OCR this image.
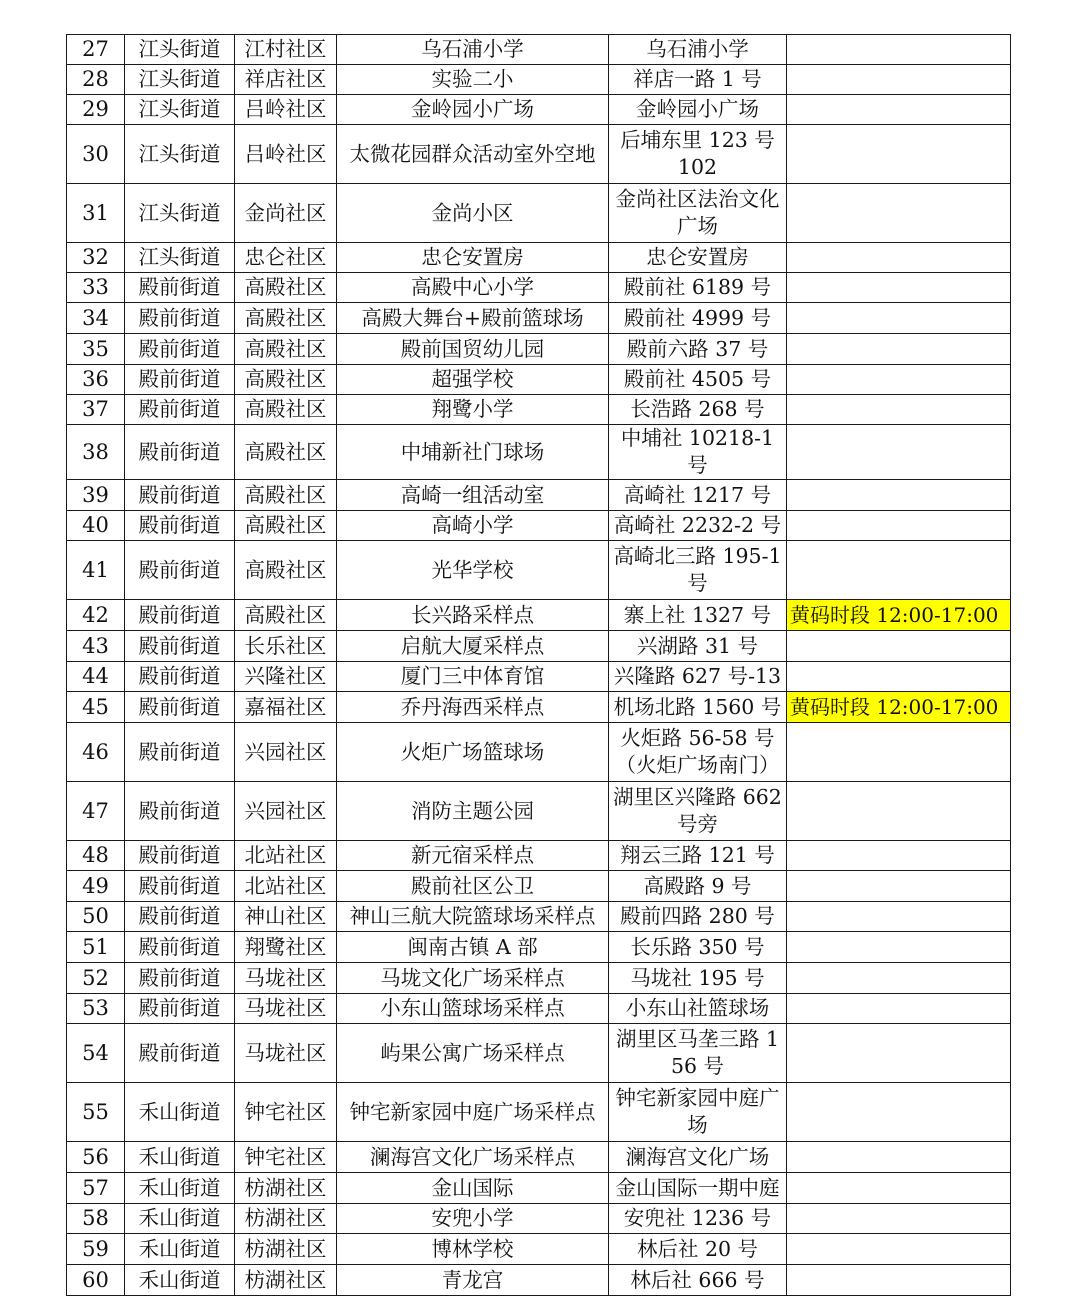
27	江头街道	江村社区	乌石浦小学	乌石浦小学	
28	江头街道	祥店社区	实验二小	祥店一路 1 号	
29	江头街道	吕岭社区	金岭园小广场	金岭园小广场	
30	江头街道	吕岭社区	太微花园群众活动室外空地	后埔东里 123 号 102	
31	江头街道	金尚社区	金尚小区	金尚社区法治文化广场	
32	江头街道	忠仑社区	忠仑安置房	忠仑安置房	
33	殿前街道	高殿社区	高殿中心小学	殿前社 6189 号	
34	殿前街道	高殿社区	高殿大舞台+殿前篮球场	殿前社 4999 号	
35	殿前街道	高殿社区	殿前国贸幼儿园	殿前六路 37 号	
36	殿前街道	高殿社区	超强学校	殿前社 4505 号	
37	殿前街道	高殿社区	翔鹭小学	长浩路 268 号	
38	殿前街道	高殿社区	中埔新社门球场	中埔社 10218-1 号	
39	殿前街道	高殿社区	高崎一组活动室	高崎社 1217 号	
40	殿前街道	高殿社区	高崎小学	高崎社 2232-2 号	
41	殿前街道	高殿社区	光华学校	高崎北三路 195-1 号	
42	殿前街道	高殿社区	长兴路采样点	寨上社 1327 号	黄码时段 12:00-17:00
43	殿前街道	长乐社区	启航大厦采样点	兴湖路 31 号	
44	殿前街道	兴隆社区	厦门三中体育馆	兴隆路 627 号-13	
45	殿前街道	嘉福社区	乔丹海西采样点	机场北路 1560 号	黄码时段 12:00-17:00
46	殿前街道	兴园社区	火炬广场篮球场	火炬路 56-58 号（火炬广场南门）	
47	殿前街道	兴园社区	消防主题公园	湖里区兴隆路 662 号旁	
48	殿前街道	北站社区	新元宿采样点	翔云三路 121 号	
49	殿前街道	北站社区	殿前社区公卫	高殿路 9 号	
50	殿前街道	神山社区	神山三航大院篮球场采样点	殿前四路 280 号	
51	殿前街道	翔鹭社区	闽南古镇 A 部	长乐路 350 号	
52	殿前街道	马垅社区	马垅文化广场采样点	马垅社 195 号	
53	殿前街道	马垅社区	小东山篮球场采样点	小东山社篮球场	
54	殿前街道	马垅社区	屿果公寓广场采样点	湖里区马垄三路 156 号	
55	禾山街道	钟宅社区	钟宅新家园中庭广场采样点	钟宅新家园中庭广场	
56	禾山街道	钟宅社区	澜海宫文化广场采样点	澜海宫文化广场	
57	禾山街道	枋湖社区	金山国际	金山国际一期中庭	
58	禾山街道	枋湖社区	安兜小学	安兜社 1236 号	
59	禾山街道	枋湖社区	博林学校	林后社 20 号	
60	禾山街道	枋湖社区	青龙宫	林后社 666 号	
